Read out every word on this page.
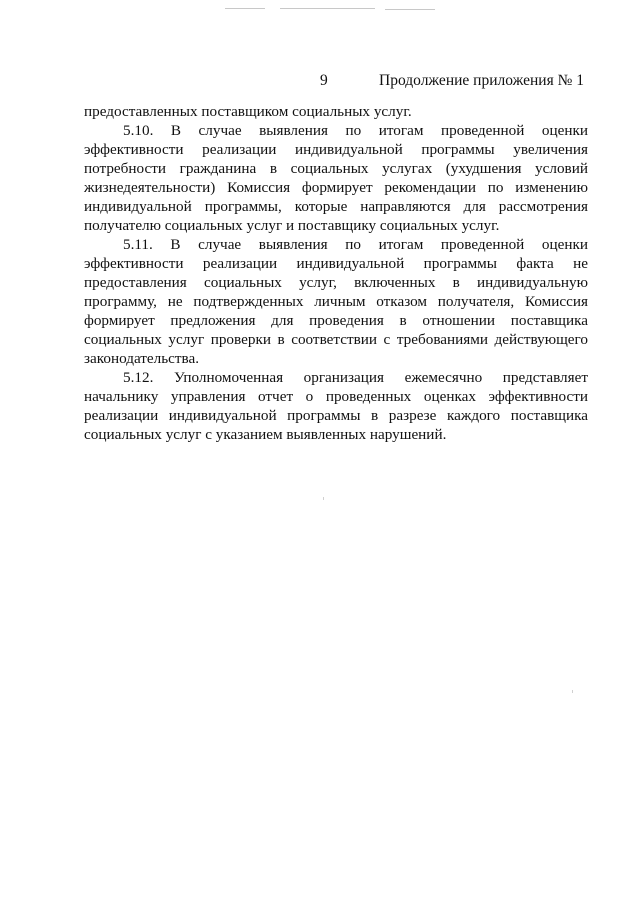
9	Продолжение приложения № 1

предоставленных поставщиком социальных услуг.

5.10. В случае выявления по итогам проведенной оценки эффективности реализации индивидуальной программы увеличения потребности гражданина в социальных услугах (ухудшения условий жизнедеятельности) Комиссия формирует рекомендации по изменению индивидуальной программы, которые направляются для рассмотрения получателю социальных услуг и поставщику социальных услуг.

5.11. В случае выявления по итогам проведенной оценки эффективности реализации индивидуальной программы факта не предоставления социальных услуг, включенных в индивидуальную программу, не подтвержденных личным отказом получателя, Комиссия формирует предложения для проведения в отношении поставщика социальных услуг проверки в соответствии с требованиями действующего законодательства.

5.12. Уполномоченная организация ежемесячно представляет начальнику управления отчет о проведенных оценках эффективности реализации индивидуальной программы в разрезе каждого поставщика социальных услуг с указанием выявленных нарушений.
